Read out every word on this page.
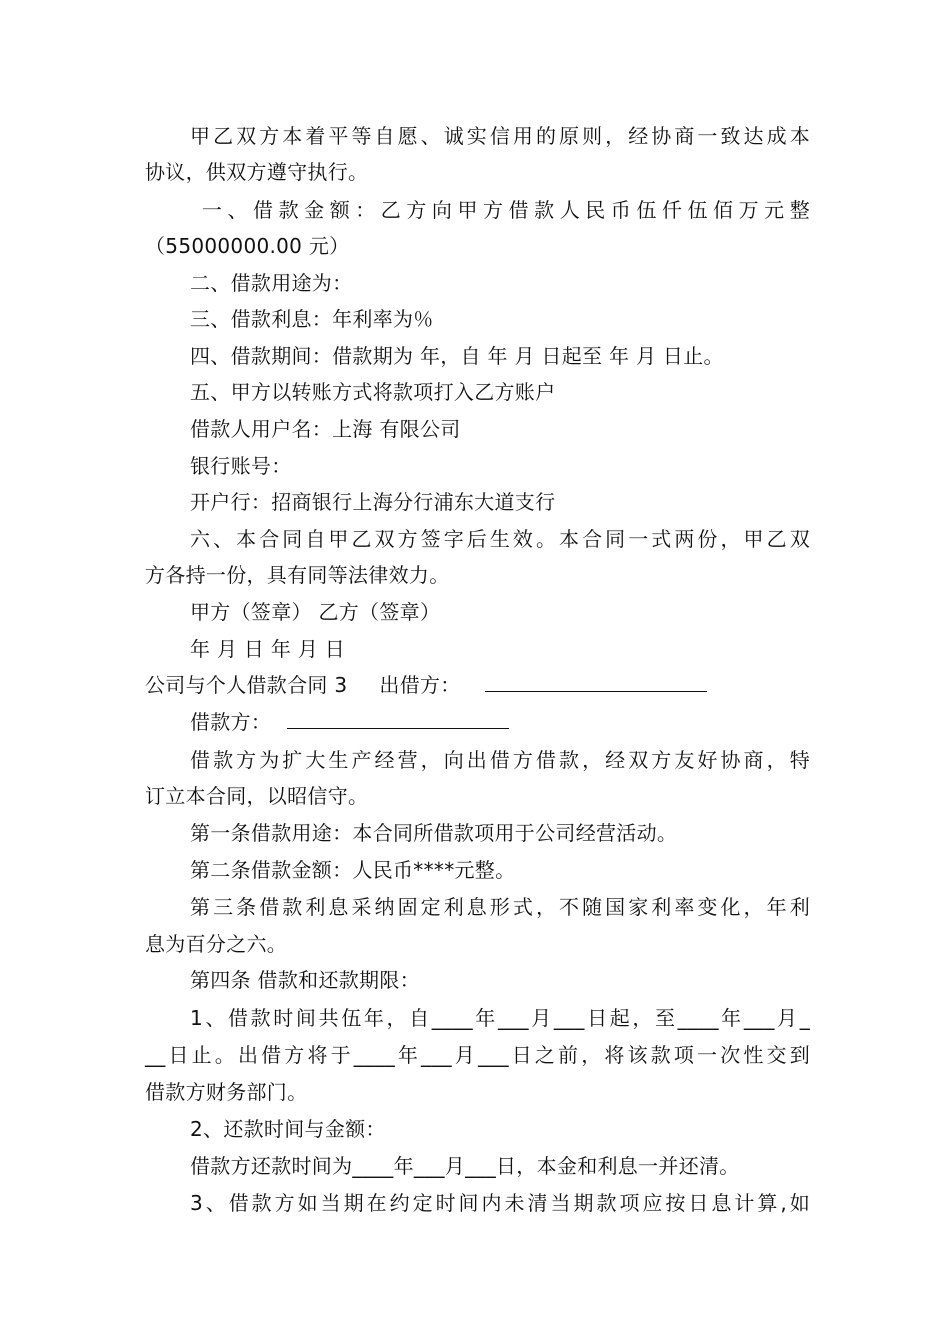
甲乙双方本着平等自愿、诚实信用的原则，经协商一致达成本
协议，供双方遵守执行。
一、借款金额：乙方向甲方借款人民币伍仟伍佰万元整
（55000000.00 元）
二、借款用途为：
三、借款利息：年利率为％
四、借款期间：借款期为 年，自 年 月 日起至 年 月 日止。
五、甲方以转账方式将款项打入乙方账户
借款人用户名：上海 有限公司
银行账号：
开户行：招商银行上海分行浦东大道支行
六、本合同自甲乙双方签字后生效。本合同一式两份，甲乙双
方各持一份，具有同等法律效力。
甲方（签章） 乙方（签章）
年 月 日 年 月 日
公司与个人借款合同 3 出借方：
借款方：
借款方为扩大生产经营，向出借方借款，经双方友好协商，特
订立本合同，以昭信守。
第一条借款用途：本合同所借款项用于公司经营活动。
第二条借款金额：人民币****元整。
第三条借款利息采纳固定利息形式，不随国家利率变化，年利
息为百分之六。
第四条 借款和还款期限：
1、借款时间共伍年，自____年___月___日起，至____年___月_
__日止。出借方将于____年___月___日之前，将该款项一次性交到
借款方财务部门。
2、还款时间与金额：
借款方还款时间为____年___月___日，本金和利息一并还清。
3、借款方如当期在约定时间内未清当期款项应按日息计算,如
